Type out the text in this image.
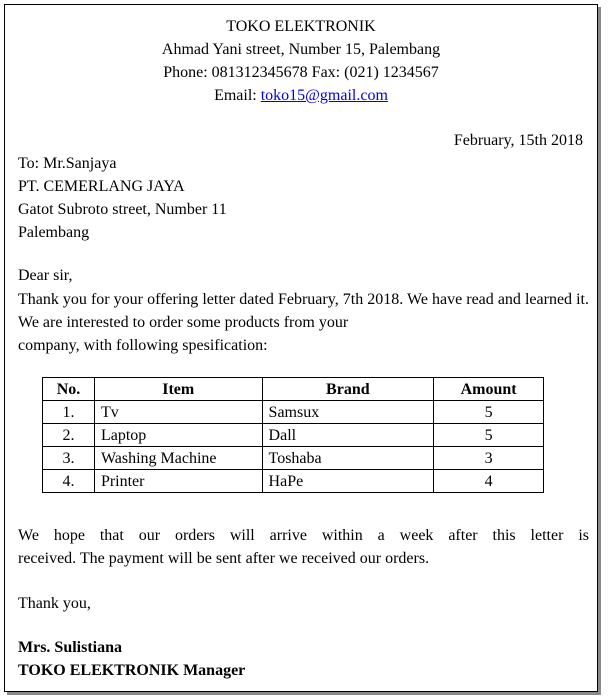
TOKO ELEKTRONIK
Ahmad Yani street, Number 15, Palembang
Phone: 081312345678 Fax: (021) 1234567
Email: toko15@gmail.com
February, 15th 2018
To: Mr.Sanjaya
PT. CEMERLANG JAYA
Gatot Subroto street, Number 11
Palembang
Dear sir,
Thank you for your offering letter dated February, 7th 2018. We have read and learned it. We are interested to order some products from your
company, with following spesification:
No.	Item	Brand	Amount
1.	Tv	Samsux	5
2.	Laptop	Dall	5
3.	Washing Machine	Toshaba	3
4.	Printer	HaPe	4
We hope that our orders will arrive within a week after this letter is
received. The payment will be sent after we received our orders.
Thank you,
Mrs. Sulistiana
TOKO ELEKTRONIK Manager
